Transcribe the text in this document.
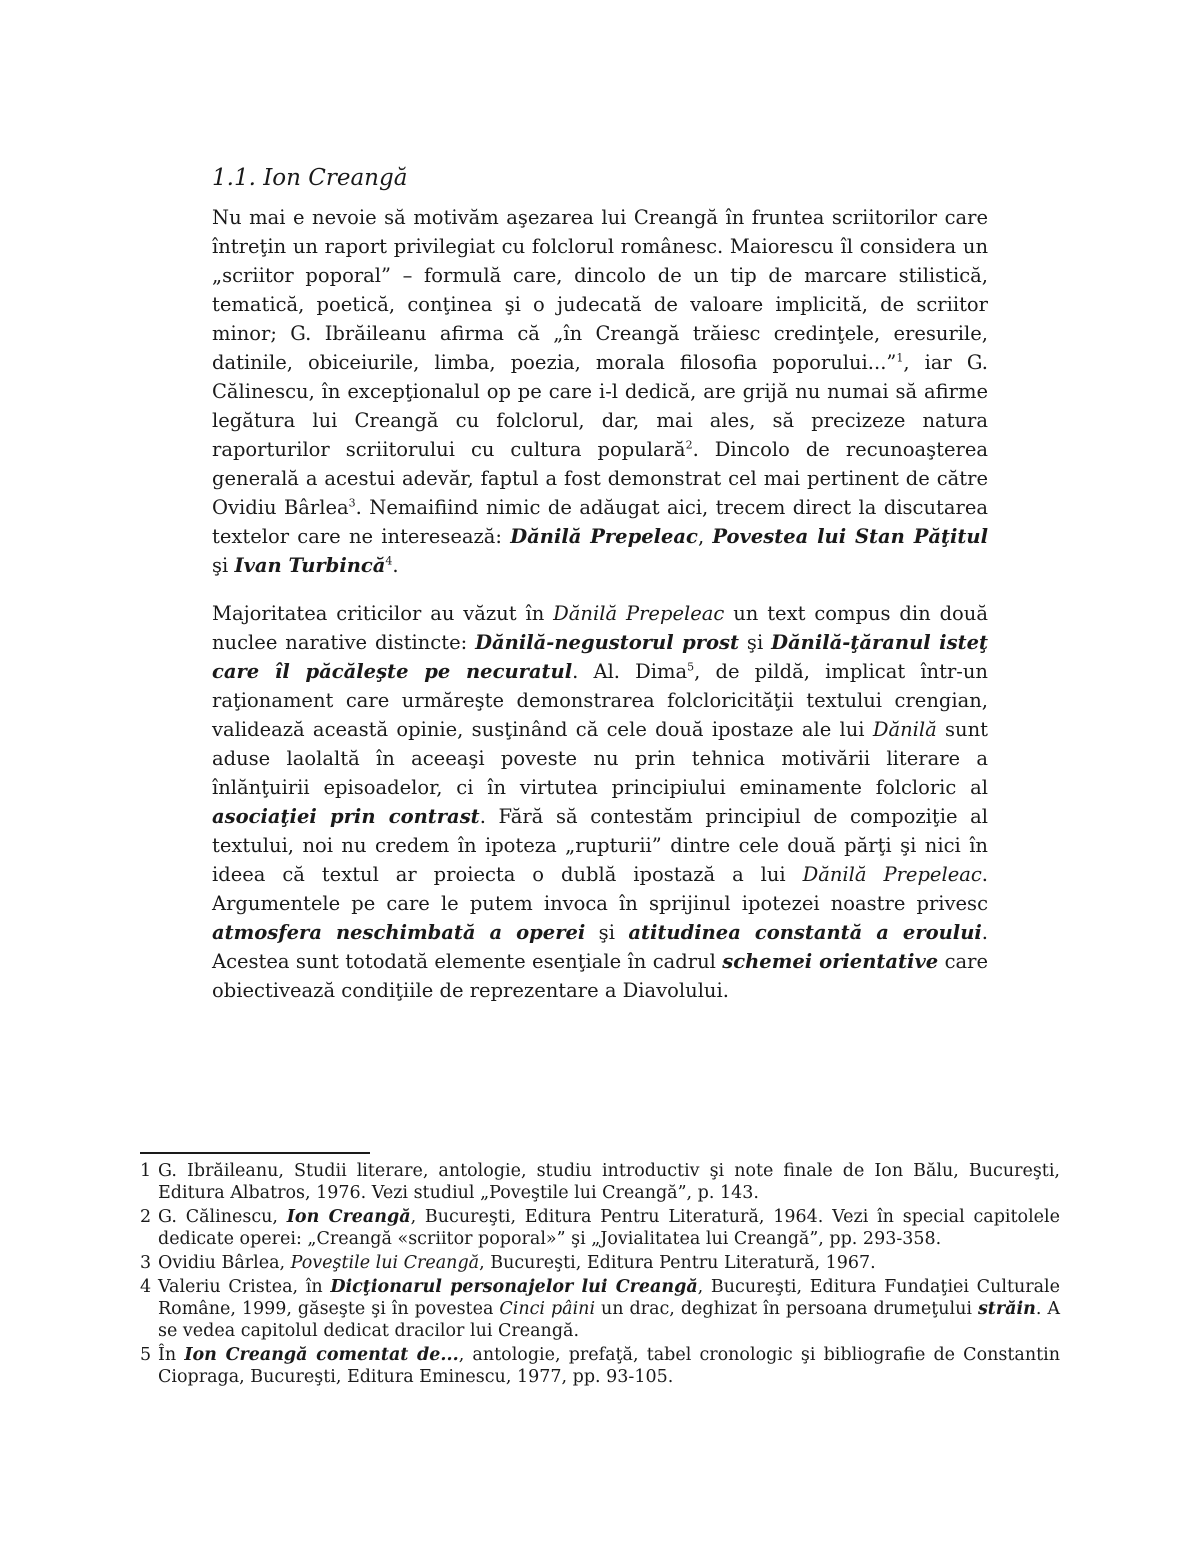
1.1. Ion Creangă

Nu mai e nevoie să motivăm aşezarea lui Creangă în fruntea scriitorilor care întreţin un raport privilegiat cu folclorul românesc. Maiorescu îl considera un „scriitor poporal” – formulă care, dincolo de un tip de marcare stilistică, tematică, poetică, conţinea şi o judecată de valoare implicită, de scriitor minor; G. Ibrăileanu afirma că „în Creangă trăiesc credinţele, eresurile, datinile, obiceiurile, limba, poezia, morala filosofia poporului...”$^1$, iar G. Călinescu, în excepţionalul op pe care i-l dedică, are grijă nu numai să afirme legătura lui Creangă cu folclorul, dar, mai ales, să precizeze natura raporturilor scriitorului cu cultura populară$^2$. Dincolo de recunoaşterea generală a acestui adevăr, faptul a fost demonstrat cel mai pertinent de către Ovidiu Bârlea$^3$. Nemaifiind nimic de adăugat aici, trecem direct la discutarea textelor care ne interesează: Dănilă Prepeleac, Povestea lui Stan Păţitul şi Ivan Turbincă$^4$.

Majoritatea criticilor au văzut în Dănilă Prepeleac un text compus din două nuclee narative distincte: Dănilă-negustorul prost şi Dănilă-ţăranul isteţ care îl păcăleşte pe necuratul. Al. Dima$^5$, de pildă, implicat într-un raţionament care urmăreşte demonstrarea folcloricităţii textului crengian, validează această opinie, susţinând că cele două ipostaze ale lui Dănilă sunt aduse laolaltă în aceeaşi poveste nu prin tehnica motivării literare a înlănţuirii episoadelor, ci în virtutea principiului eminamente folcloric al asociaţiei prin contrast. Fără să contestăm principiul de compoziţie al textului, noi nu credem în ipoteza „rupturii” dintre cele două părţi şi nici în ideea că textul ar proiecta o dublă ipostază a lui Dănilă Prepeleac. Argumentele pe care le putem invoca în sprijinul ipotezei noastre privesc atmosfera neschimbată a operei şi atitudinea constantă a eroului. Acestea sunt totodată elemente esenţiale în cadrul schemei orientative care obiectivează condiţiile de reprezentare a Diavolului.

1 G. Ibrăileanu, Studii literare, antologie, studiu introductiv şi note finale de Ion Bălu, Bucureşti, Editura Albatros, 1976. Vezi studiul „Poveştile lui Creangă”, p. 143.
2 G. Călinescu, Ion Creangă, Bucureşti, Editura Pentru Literatură, 1964. Vezi în special capitolele dedicate operei: „Creangă «scriitor poporal»” şi „Jovialitatea lui Creangă”, pp. 293-358.
3 Ovidiu Bârlea, Poveştile lui Creangă, Bucureşti, Editura Pentru Literatură, 1967.
4 Valeriu Cristea, în Dicţionarul personajelor lui Creangă, Bucureşti, Editura Fundaţiei Culturale Române, 1999, găseşte şi în povestea Cinci pâini un drac, deghizat în persoana drumeţului străin. A se vedea capitolul dedicat dracilor lui Creangă.
5 În Ion Creangă comentat de..., antologie, prefaţă, tabel cronologic şi bibliografie de Constantin Ciopraga, Bucureşti, Editura Eminescu, 1977, pp. 93-105.
